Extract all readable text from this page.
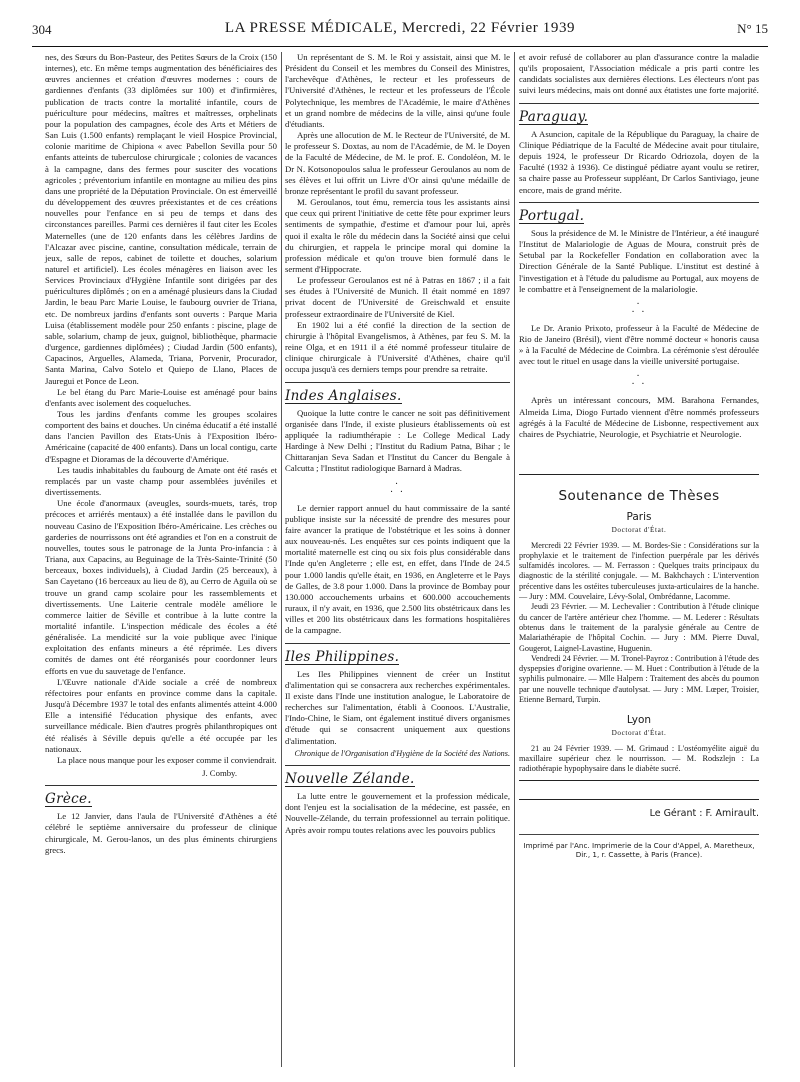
304	LA PRESSE MÉDICALE, Mercredi, 22 Février 1939	N° 15

nes, des Sœurs du Bon-Pasteur, des Petites Sœurs de la Croix (150 internes), etc. En même temps augmentation des bénéficiaires des œuvres anciennes et création d'œuvres modernes : cours de gardiennes d'enfants (33 diplômées sur 100) et d'infirmières, publication de tracts contre la mortalité infantile, cours de puériculture pour médecins, maîtres et maîtresses, orphelinats pour la population des campagnes, école des Arts et Métiers de San Luis (1.500 enfants) remplaçant le vieil Hospice Provincial, colonie maritime de Chipiona « avec Pabellon Sevilla pour 50 enfants atteints de tuberculose chirurgicale ; colonies de vacances à la campagne, dans des fermes pour susciter des vocations agricoles ; préventorium infantile en montagne au milieu des pins dans une propriété de la Députation Provinciale. On est émerveillé du développement des œuvres préexistantes et de ces créations nouvelles pour l'enfance en si peu de temps et dans des circonstances pareilles. Parmi ces dernières il faut citer les Ecoles Maternelles (une de 120 enfants dans les célèbres Jardins de l'Alcazar avec piscine, cantine, consultation médicale, terrain de jeux, salle de repos, cabinet de toilette et douches, solarium naturel et artificiel). Les écoles ménagères en liaison avec les Services Provinciaux d'Hygiène Infantile sont dirigées par des puéricultures diplômés ; on en a aménagé plusieurs dans la Ciudad Jardin, le beau Parc Marie Louise, le faubourg ouvrier de Triana, etc. De nombreux jardins d'enfants sont ouverts : Parque Maria Luisa (établissement modèle pour 250 enfants : piscine, plage de sable, solarium, champ de jeux, guignol, bibliothèque, pharmacie d'urgence, gardiennes diplômées) ; Ciudad Jardin (500 enfants), Capacinos, Arguelles, Alameda, Triana, Porvenir, Procurador, Santa Marina, Calvo Sotelo et Quiepo de Llano, Places de Jauregui et Ponce de Leon.

Le bel étang du Parc Marie-Louise est aménagé pour bains d'enfants avec isolement des coqueluches.

Tous les jardins d'enfants comme les groupes scolaires comportent des bains et douches. Un cinéma éducatif a été installé dans l'ancien Pavillon des Etats-Unis à l'Exposition Ibéro-Américaine (capacité de 400 enfants). Dans un local contigu, carte d'Espagne et Dioramas de la découverte d'Amérique.

Les taudis inhabitables du faubourg de Amate ont été rasés et remplacés par un vaste champ pour assemblées juvéniles et divertissements.

Une école d'anormaux (aveugles, sourds-muets, tarés, trop précoces et arriérés mentaux) a été installée dans le pavillon du nouveau Casino de l'Exposition Ibéro-Américaine. Les crèches ou garderies de nourrissons ont été agrandies et l'on en a construit de nouvelles, toutes sous le patronage de la Junta Pro-infancia : à Triana, aux Capacins, au Beguinage de la Très-Sainte-Trinité (50 berceaux, boxes individuels), à Ciudad Jardin (25 berceaux), à San Cayetano (16 berceaux au lieu de 8), au Cerro de Aguila où se trouve un grand camp scolaire pour les rassemblements et divertissements. Une Laiterie centrale modèle améliore le commerce laitier de Séville et contribue à la lutte contre la mortalité infantile. L'inspection médicale des écoles a été généralisée. La mendicité sur la voie publique avec l'inique exploitation des enfants mineurs a été réprimée. Les divers comités de dames ont été réorganisés pour coordonner leurs efforts en vue du sauvetage de l'enfance.

L'Œuvre nationale d'Aide sociale a créé de nombreux réfectoires pour enfants en province comme dans la capitale. Jusqu'à Décembre 1937 le total des enfants alimentés atteint 4.000 Elle a intensifié l'éducation physique des enfants, avec surveillance médicale. Bien d'autres progrès philanthropiques ont été réalisés à Séville depuis qu'elle a été occupée par les nationaux.

La place nous manque pour les exposer comme il conviendrait.

J. Comby.
Grèce.

Le 12 Janvier, dans l'aula de l'Université d'Athènes a été célébré le septième anniversaire du professeur de clinique chirurgicale, M. Gerou-lanos, un des plus éminents chirurgiens grecs.

Un représentant de S. M. le Roi y assistait, ainsi que M. le Président du Conseil et les membres du Conseil des Ministres, l'archevêque d'Athènes, le recteur et les professeurs de l'Université d'Athènes, le recteur et les professeurs de l'École Polytechnique, les membres de l'Académie, le maire d'Athènes et un grand nombre de médecins de la ville, ainsi qu'une foule d'étudiants.

Après une allocution de M. le Recteur de l'Université, de M. le professeur S. Doxtas, au nom de l'Académie, de M. le Doyen de la Faculté de Médecine, de M. le prof. E. Condoléon, M. le Dr N. Kotsonopoulos salua le professeur Geroulanos au nom de ses élèves et lui offrit un Livre d'Or ainsi qu'une médaille de bronze représentant le profil du savant professeur.

M. Geroulanos, tout ému, remercia tous les assistants ainsi que ceux qui prirent l'initiative de cette fête pour exprimer leurs sentiments de sympathie, d'estime et d'amour pour lui, après quoi il exalta le rôle du médecin dans la Société ainsi que celui du chirurgien, et rappela le principe moral qui domine la profession médicale et qu'on trouve bien formulé dans le serment d'Hippocrate.

Le professeur Geroulanos est né à Patras en 1867 ; il a fait ses études à l'Université de Munich. Il était nommé en 1897 privat docent de l'Université de Greischwald et ensuite professeur extraordinaire de l'Université de Kiel.

En 1902 lui a été confié la direction de la section de chirurgie à l'hôpital Evangelismos, à Athènes, par feu S. M. la reine Olga, et en 1911 il a été nommé professeur titulaire de clinique chirurgicale à l'Université d'Athènes, chaire qu'il occupa jusqu'à ces derniers temps pour prendre sa retraite.

Indes Anglaises.

Quoique la lutte contre le cancer ne soit pas définitivement organisée dans l'Inde, il existe plusieurs établissements où est appliquée la radiumthérapie : Le College Medical Lady Hardinge à New Delhi ; l'Institut du Radium Patna, Bihar ; le Chittaranjan Seva Sadan et l'Institut du Cancer du Bengale à Calcutta ; l'Institut radiologique Barnard à Madras.

·
· ·

Le dernier rapport annuel du haut commissaire de la santé publique insiste sur la nécessité de prendre des mesures pour faire avancer la pratique de l'obstétrique et les soins à donner aux nouveau-nés. Les enquêtes sur ces points indiquent que la mortalité maternelle est cinq ou six fois plus considérable dans l'Inde qu'en Angleterre ; elle est, en effet, dans l'Inde de 24.5 pour 1.000 landis qu'elle était, en 1936, en Angleterre et le Pays de Galles, de 3.8 pour 1.000. Dans la province de Bombay pour 130.000 accouchements urbains et 600.000 accouchements ruraux, il n'y avait, en 1936, que 2.500 lits obstétricaux dans les villes et 200 lits obstétricaux dans les formations hospitalières de la campagne.

Iles Philippines.

Les Iles Philippines viennent de créer un Institut d'alimentation qui se consacrera aux recherches expérimentales. Il existe dans l'Inde une institution analogue, le Laboratoire de recherches sur l'alimentation, établi à Coonoos. L'Australie, l'Indo-Chine, le Siam, ont également institué divers organismes d'étude qui se consacrent uniquement aux questions d'alimentation.

Chronique de l'Organisation d'Hygiène de la Société des Nations.
Nouvelle Zélande.

La lutte entre le gouvernement et la profession médicale, dont l'enjeu est la socialisation de la médecine, est passée, en Nouvelle-Zélande, du terrain professionnel au terrain politique. Après avoir rompu toutes relations avec les pouvoirs publics

et avoir refusé de collaborer au plan d'assurance contre la maladie qu'ils proposaient, l'Association médicale a pris parti contre les candidats socialistes aux dernières élections. Les électeurs n'ont pas suivi leurs médecins, mais ont donné aux étatistes une forte majorité.

Paraguay.

A Asuncion, capitale de la République du Paraguay, la chaire de Clinique Pédiatrique de la Faculté de Médecine avait pour titulaire, depuis 1924, le professeur Dr Ricardo Odriozola, doyen de la Faculté (1932 à 1936). Ce distingué pédiatre ayant voulu se retirer, sa chaire passe au Professeur suppléant, Dr Carlos Santiviago, jeune encore, mais de grand mérite.

Portugal.

Sous la présidence de M. le Ministre de l'Intérieur, a été inauguré l'Institut de Malariologie de Aguas de Moura, construit près de Setubal par la Rockefeller Fondation en collaboration avec la Direction Générale de la Santé Publique. L'institut est destiné à l'investigation et à l'étude du paludisme au Portugal, aux moyens de le combattre et à l'enseignement de la malariologie.

·
· ·

Le Dr. Aranio Prixoto, professeur à la Faculté de Médecine de Rio de Janeiro (Brésil), vient d'être nommé docteur « honoris causa » à la Faculté de Médecine de Coimbra. La cérémonie s'est déroulée avec tout le rituel en usage dans la vieille université portugaise.

·
· ·

Après un intéressant concours, MM. Barahona Fernandes, Almeida Lima, Diogo Furtado viennent d'être nommés professeurs agrégés à la Faculté de Médecine de Lisbonne, respectivement aux chaires de Psychiatrie, Neurologie, et Psychiatrie et Neurologie.

Soutenance de Thèses
Paris
Doctorat d'État.

Mercredi 22 Février 1939. — M. Bordes-Sie : Considérations sur la prophylaxie et le traitement de l'infection puerpérale par les dérivés sulfamidés incolores. — M. Ferrasson : Quelques traits principaux du diagnostic de la stérilité conjugale. — M. Bakhchaych : L'intervention précentive dans les ostéites tuberculeuses juxta-articulaires de la hanche. — Jury : MM. Couvelaire, Lévy-Solal, Ombrédanne, Lacomme.

Jeudi 23 Février. — M. Lechevalier : Contribution à l'étude clinique du cancer de l'artère antérieur chez l'homme. — M. Lederer : Résultats obtenus dans le traitement de la paralysie générale au Centre de Malariathérapie de l'hôpital Cochin. — Jury : MM. Pierre Duval, Gougerot, Laignel-Lavastine, Huguenin.

Vendredi 24 Février. — M. Tronel-Payroz : Contribution à l'étude des dyspepsies d'origine ovarienne. — M. Huet : Contribution à l'étude de la syphilis pulmonaire. — Mlle Halpern : Traitement des abcès du poumon par une nouvelle technique d'autolysat. — Jury : MM. Lœper, Troisier, Etienne Bernard, Turpin.

Lyon
Doctorat d'État.

21 au 24 Février 1939. — M. Grimaud : L'ostéomyélite aiguë du maxillaire supérieur chez le nourrisson. — M. Rodszlejn : La radiothérapie hypophysaire dans le diabète sucré.

Le Gérant : F. Amirault.
Imprimé par l'Anc. Imprimerie de la Cour d'Appel, A. Maretheux, Dir., 1, r. Cassette, à Paris (France).
